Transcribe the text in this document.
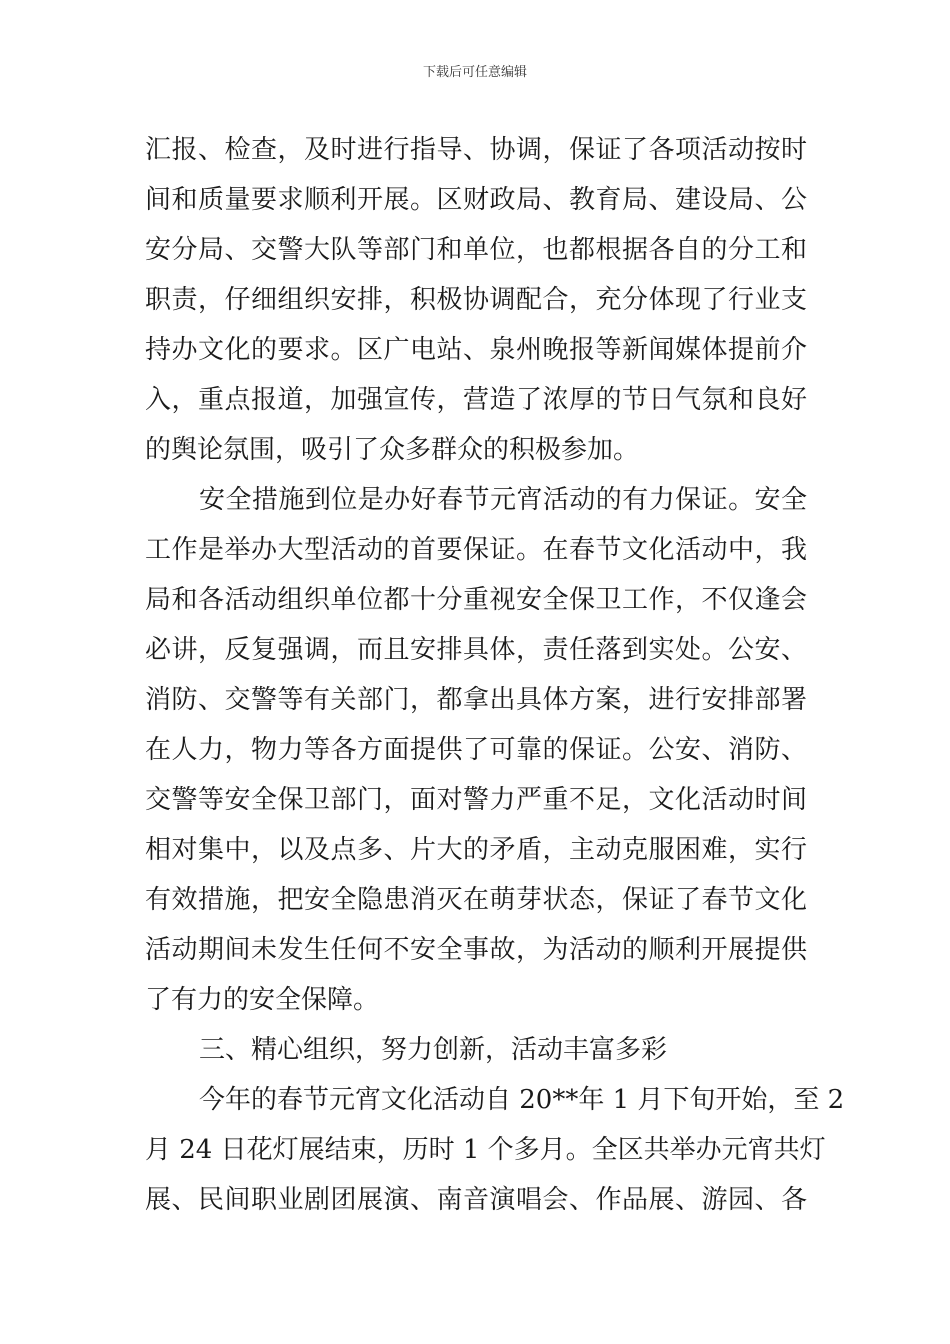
下载后可任意编辑
汇报、检查，及时进行指导、协调，保证了各项活动按时
间和质量要求顺利开展。区财政局、教育局、建设局、公
安分局、交警大队等部门和单位，也都根据各自的分工和
职责，仔细组织安排，积极协调配合，充分体现了行业支
持办文化的要求。区广电站、泉州晚报等新闻媒体提前介
入，重点报道，加强宣传，营造了浓厚的节日气氛和良好
的舆论氛围，吸引了众多群众的积极参加。
安全措施到位是办好春节元宵活动的有力保证。安全
工作是举办大型活动的首要保证。在春节文化活动中，我
局和各活动组织单位都十分重视安全保卫工作，不仅逢会
必讲，反复强调，而且安排具体，责任落到实处。公安、
消防、交警等有关部门，都拿出具体方案，进行安排部署
在人力，物力等各方面提供了可靠的保证。公安、消防、
交警等安全保卫部门，面对警力严重不足，文化活动时间
相对集中，以及点多、片大的矛盾，主动克服困难，实行
有效措施，把安全隐患消灭在萌芽状态，保证了春节文化
活动期间未发生任何不安全事故，为活动的顺利开展提供
了有力的安全保障。
三、精心组织，努力创新，活动丰富多彩
今年的春节元宵文化活动自 20**年 1 月下旬开始，至 2
月 24 日花灯展结束，历时 1 个多月。全区共举办元宵共灯
展、民间职业剧团展演、南音演唱会、作品展、游园、各
